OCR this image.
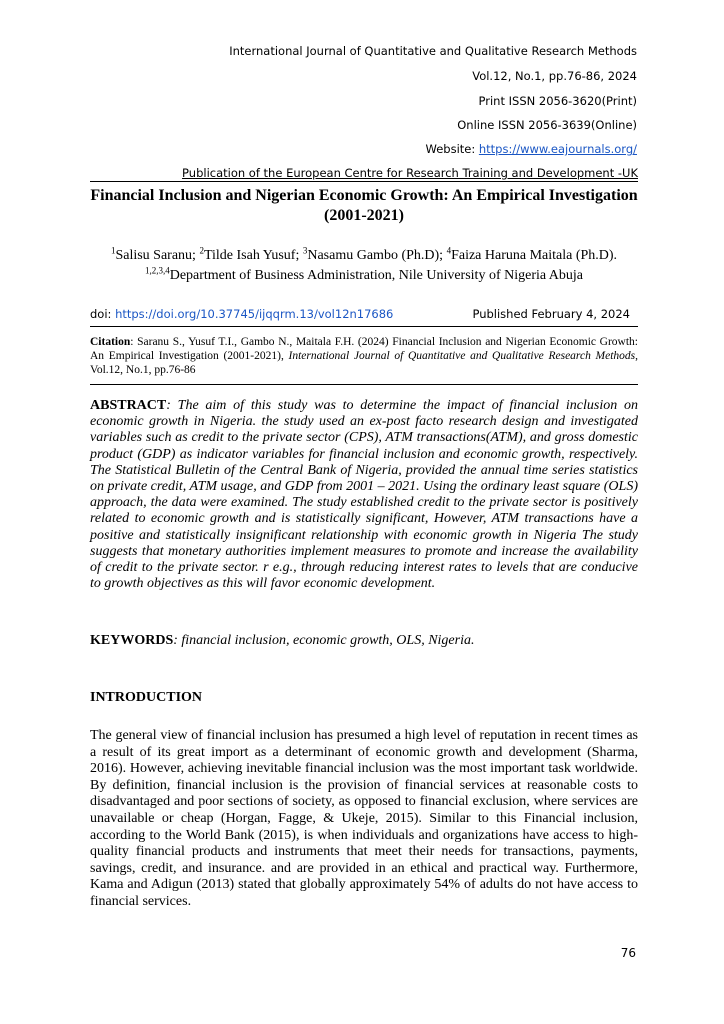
International Journal of Quantitative and Qualitative Research Methods
Vol.12, No.1, pp.76-86, 2024
Print ISSN 2056-3620(Print)
Online ISSN 2056-3639(Online)
Website: https://www.eajournals.org/
Publication of the European Centre for Research Training and Development -UK
Financial Inclusion and Nigerian Economic Growth: An Empirical Investigation (2001-2021)
$^1$Salisu Saranu; $^2$Tilde Isah Yusuf; $^3$Nasamu Gambo (Ph.D); $^4$Faiza Haruna Maitala (Ph.D).
$^{1,2,3,4}$Department of Business Administration, Nile University of Nigeria Abuja
doi: https://doi.org/10.37745/ijqqrm.13/vol12n17686	Published February 4, 2024
Citation: Saranu S., Yusuf T.I., Gambo N., Maitala F.H. (2024) Financial Inclusion and Nigerian Economic Growth: An Empirical Investigation (2001-2021), International Journal of Quantitative and Qualitative Research Methods, Vol.12, No.1, pp.76-86
ABSTRACT: The aim of this study was to determine the impact of financial inclusion on economic growth in Nigeria. the study used an ex-post facto research design and investigated variables such as credit to the private sector (CPS), ATM transactions(ATM), and gross domestic product (GDP) as indicator variables for financial inclusion and economic growth, respectively. The Statistical Bulletin of the Central Bank of Nigeria, provided the annual time series statistics on private credit, ATM usage, and GDP from 2001 – 2021. Using the ordinary least square (OLS) approach, the data were examined. The study established credit to the private sector is positively related to economic growth and is statistically significant, However, ATM transactions have a positive and statistically insignificant relationship with economic growth in Nigeria The study suggests that monetary authorities implement measures to promote and increase the availability of credit to the private sector. r e.g., through reducing interest rates to levels that are conducive to growth objectives as this will favor economic development.
KEYWORDS: financial inclusion, economic growth, OLS, Nigeria.
INTRODUCTION
The general view of financial inclusion has presumed a high level of reputation in recent times as a result of its great import as a determinant of economic growth and development (Sharma, 2016). However, achieving inevitable financial inclusion was the most important task worldwide. By definition, financial inclusion is the provision of financial services at reasonable costs to disadvantaged and poor sections of society, as opposed to financial exclusion, where services are unavailable or cheap (Horgan, Fagge, & Ukeje, 2015). Similar to this Financial inclusion, according to the World Bank (2015), is when individuals and organizations have access to high-quality financial products and instruments that meet their needs for transactions, payments, savings, credit, and insurance. and are provided in an ethical and practical way. Furthermore, Kama and Adigun (2013) stated that globally approximately 54% of adults do not have access to financial services.
76
